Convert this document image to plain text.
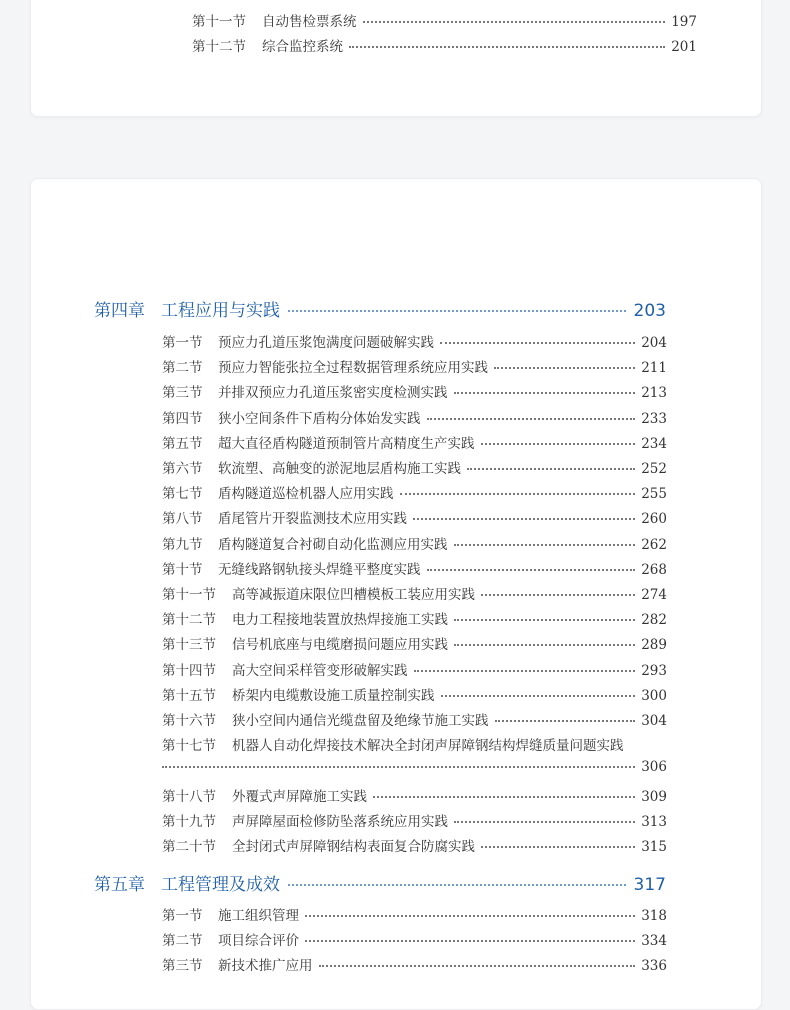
第十一节	自动售检票系统	197
第十二节	综合监控系统	201
第四章 工程应用与实践	203
第一节	预应力孔道压浆饱满度问题破解实践	204
第二节	预应力智能张拉全过程数据管理系统应用实践	211
第三节	并排双预应力孔道压浆密实度检测实践	213
第四节	狭小空间条件下盾构分体始发实践	233
第五节	超大直径盾构隧道预制管片高精度生产实践	234
第六节	软流塑、高触变的淤泥地层盾构施工实践	252
第七节	盾构隧道巡检机器人应用实践	255
第八节	盾尾管片开裂监测技术应用实践	260
第九节	盾构隧道复合衬砌自动化监测应用实践	262
第十节	无缝线路钢轨接头焊缝平整度实践	268
第十一节	高等减振道床限位凹槽模板工装应用实践	274
第十二节	电力工程接地装置放热焊接施工实践	282
第十三节	信号机底座与电缆磨损问题应用实践	289
第十四节	高大空间采样管变形破解实践	293
第十五节	桥架内电缆敷设施工质量控制实践	300
第十六节	狭小空间内通信光缆盘留及绝缘节施工实践	304
第十七节	机器人自动化焊接技术解决全封闭声屏障钢结构焊缝质量问题实践
306
第十八节	外覆式声屏障施工实践	309
第十九节	声屏障屋面检修防坠落系统应用实践	313
第二十节	全封闭式声屏障钢结构表面复合防腐实践	315
第五章 工程管理及成效	317
第一节	施工组织管理	318
第二节	项目综合评价	334
第三节	新技术推广应用	336
